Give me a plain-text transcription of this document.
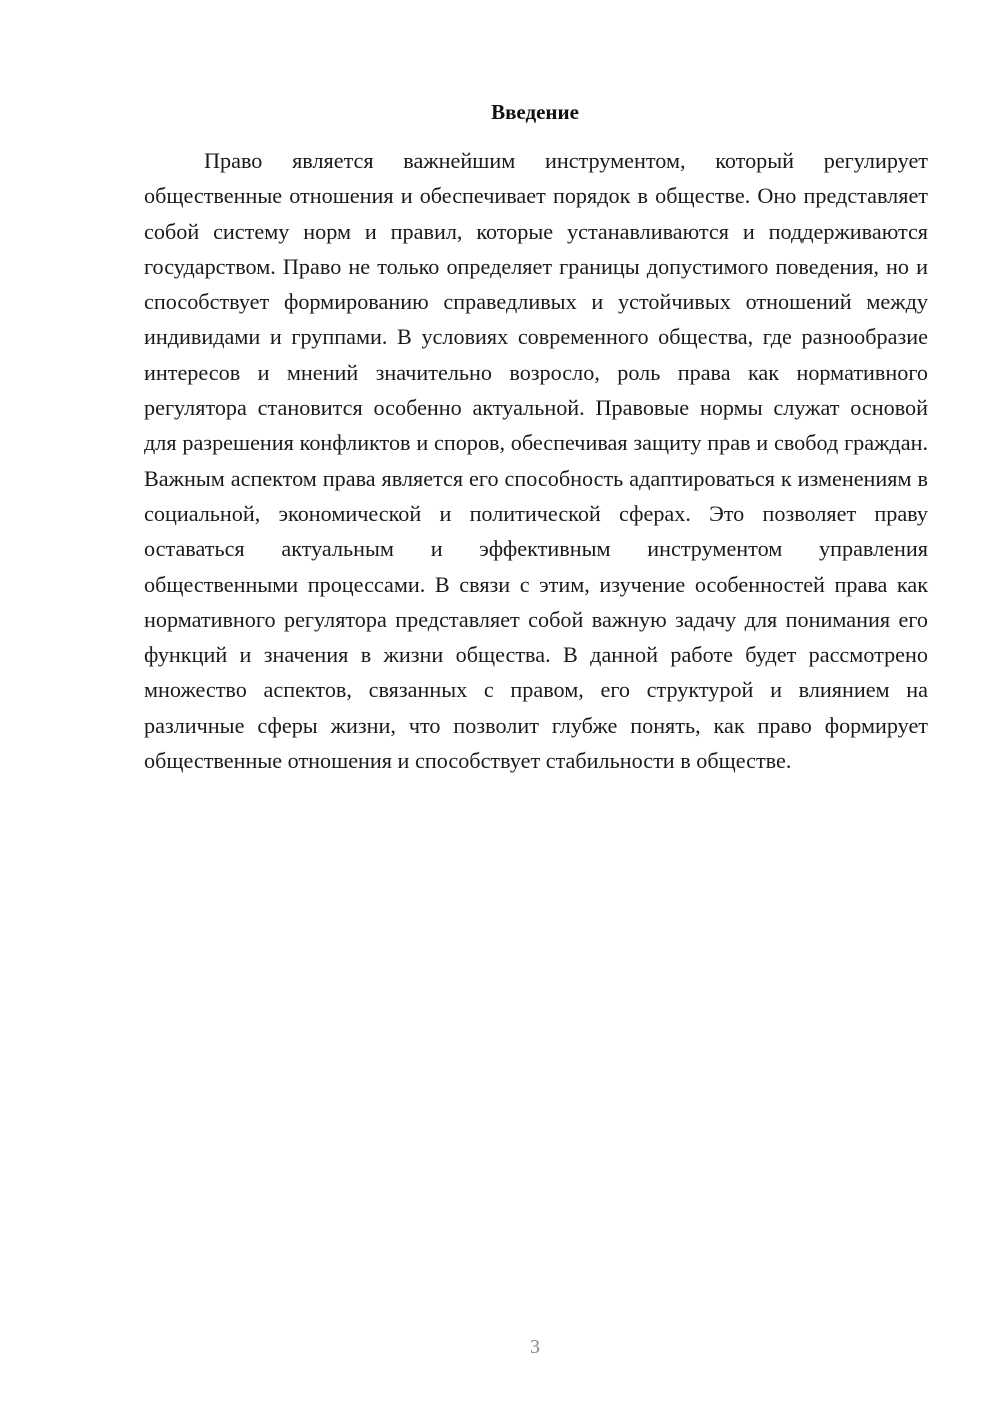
Введение

Право является важнейшим инструментом, который регулирует общественные отношения и обеспечивает порядок в обществе. Оно представляет собой систему норм и правил, которые устанавливаются и поддерживаются государством. Право не только определяет границы допустимого поведения, но и способствует формированию справедливых и устойчивых отношений между индивидами и группами. В условиях современного общества, где разнообразие интересов и мнений значительно возросло, роль права как нормативного регулятора становится особенно актуальной. Правовые нормы служат основой для разрешения конфликтов и споров, обеспечивая защиту прав и свобод граждан. Важным аспектом права является его способность адаптироваться к изменениям в социальной, экономической и политической сферах. Это позволяет праву оставаться актуальным и эффективным инструментом управления общественными процессами. В связи с этим, изучение особенностей права как нормативного регулятора представляет собой важную задачу для понимания его функций и значения в жизни общества. В данной работе будет рассмотрено множество аспектов, связанных с правом, его структурой и влиянием на различные сферы жизни, что позволит глубже понять, как право формирует общественные отношения и способствует стабильности в обществе.

3
